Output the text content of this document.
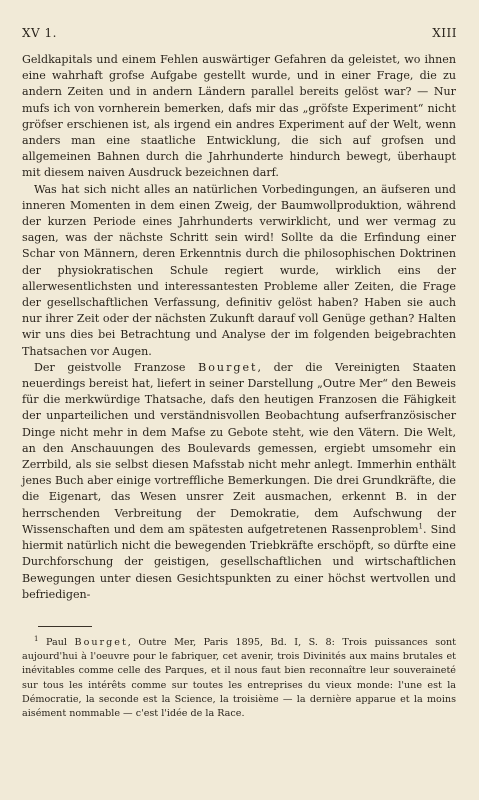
XV 1.	XIII

Geldkapitals und einem Fehlen auswärtiger Gefahren da geleistet, wo ihnen eine wahrhaft grofse Aufgabe gestellt wurde, und in einer Frage, die zu andern Zeiten und in andern Ländern parallel bereits gelöst war? — Nur mufs ich von vornherein bemerken, dafs mir das „gröfste Experiment“ nicht gröfser erschienen ist, als irgend ein andres Experiment auf der Welt, wenn anders man eine staatliche Entwicklung, die sich auf grofsen und allgemeinen Bahnen durch die Jahrhunderte hindurch bewegt, überhaupt mit diesem naiven Ausdruck bezeichnen darf.

Was hat sich nicht alles an natürlichen Vorbedingungen, an äufseren und inneren Momenten in dem einen Zweig, der Baumwollproduktion, während der kurzen Periode eines Jahrhunderts verwirklicht, und wer vermag zu sagen, was der nächste Schritt sein wird! Sollte da die Erfindung einer Schar von Männern, deren Erkenntnis durch die philosophischen Doktrinen der physiokratischen Schule regiert wurde, wirklich eins der allerwesentlichsten und interessantesten Probleme aller Zeiten, die Frage der gesellschaftlichen Verfassung, definitiv gelöst haben? Haben sie auch nur ihrer Zeit oder der nächsten Zukunft darauf voll Genüge gethan? Halten wir uns dies bei Betrachtung und Analyse der im folgenden beigebrachten Thatsachen vor Augen.

Der geistvolle Franzose Bourget, der die Vereinigten Staaten neuerdings bereist hat, liefert in seiner Darstellung „Outre Mer“ den Beweis für die merkwürdige Thatsache, dafs den heutigen Franzosen die Fähigkeit der unparteilichen und verständnisvollen Beobachtung aufserfranzösischer Dinge nicht mehr in dem Mafse zu Gebote steht, wie den Vätern. Die Welt, an den Anschauungen des Boulevards gemessen, ergiebt umsomehr ein Zerrbild, als sie selbst diesen Mafsstab nicht mehr anlegt. Immerhin enthält jenes Buch aber einige vortreffliche Bemerkungen. Die drei Grundkräfte, die die Eigenart, das Wesen unsrer Zeit ausmachen, erkennt B. in der herrschenden Verbreitung der Demokratie, dem Aufschwung der Wissenschaften und dem am spätesten aufgetretenen Rassenproblem$^1$. Sind hiermit natürlich nicht die bewegenden Triebkräfte erschöpft, so dürfte eine Durchforschung der geistigen, gesellschaftlichen und wirtschaftlichen Bewegungen unter diesen Gesichtspunkten zu einer höchst wertvollen und befriedigen-

$^1$ Paul Bourget, Outre Mer, Paris 1895, Bd. I, S. 8: Trois puissances sont aujourd'hui à l'oeuvre pour le fabriquer, cet avenir, trois Divinités aux mains brutales et inévitables comme celle des Parques, et il nous faut bien reconnaître leur souveraineté sur tous les intérêts comme sur toutes les entreprises du vieux monde: l'une est la Démocratie, la seconde est la Science, la troisième — la dernière apparue et la moins aisément nommable — c'est l'idée de la Race.
